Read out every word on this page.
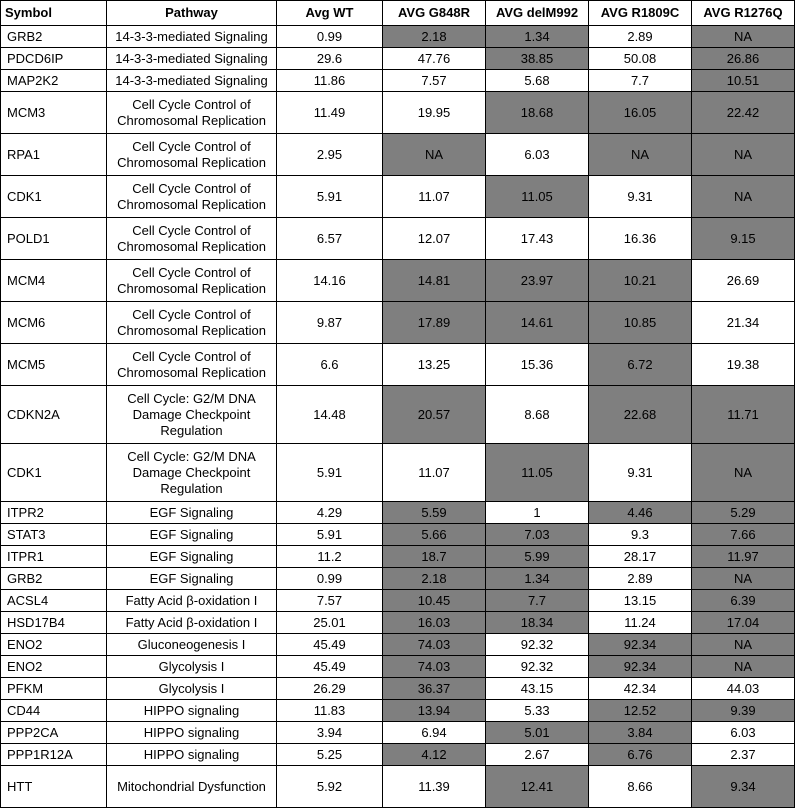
Symbol	Pathway	Avg WT	AVG G848R	AVG delM992	AVG R1809C	AVG R1276Q
GRB2	14-3-3-mediated Signaling	0.99	2.18	1.34	2.89	NA
PDCD6IP	14-3-3-mediated Signaling	29.6	47.76	38.85	50.08	26.86
MAP2K2	14-3-3-mediated Signaling	11.86	7.57	5.68	7.7	10.51
MCM3	Cell Cycle Control of Chromosomal Replication	11.49	19.95	18.68	16.05	22.42
RPA1	Cell Cycle Control of Chromosomal Replication	2.95	NA	6.03	NA	NA
CDK1	Cell Cycle Control of Chromosomal Replication	5.91	11.07	11.05	9.31	NA
POLD1	Cell Cycle Control of Chromosomal Replication	6.57	12.07	17.43	16.36	9.15
MCM4	Cell Cycle Control of Chromosomal Replication	14.16	14.81	23.97	10.21	26.69
MCM6	Cell Cycle Control of Chromosomal Replication	9.87	17.89	14.61	10.85	21.34
MCM5	Cell Cycle Control of Chromosomal Replication	6.6	13.25	15.36	6.72	19.38
CDKN2A	Cell Cycle: G2/M DNA Damage Checkpoint Regulation	14.48	20.57	8.68	22.68	11.71
CDK1	Cell Cycle: G2/M DNA Damage Checkpoint Regulation	5.91	11.07	11.05	9.31	NA
ITPR2	EGF Signaling	4.29	5.59	1	4.46	5.29
STAT3	EGF Signaling	5.91	5.66	7.03	9.3	7.66
ITPR1	EGF Signaling	11.2	18.7	5.99	28.17	11.97
GRB2	EGF Signaling	0.99	2.18	1.34	2.89	NA
ACSL4	Fatty Acid β-oxidation I	7.57	10.45	7.7	13.15	6.39
HSD17B4	Fatty Acid β-oxidation I	25.01	16.03	18.34	11.24	17.04
ENO2	Gluconeogenesis I	45.49	74.03	92.32	92.34	NA
ENO2	Glycolysis I	45.49	74.03	92.32	92.34	NA
PFKM	Glycolysis I	26.29	36.37	43.15	42.34	44.03
CD44	HIPPO signaling	11.83	13.94	5.33	12.52	9.39
PPP2CA	HIPPO signaling	3.94	6.94	5.01	3.84	6.03
PPP1R12A	HIPPO signaling	5.25	4.12	2.67	6.76	2.37
HTT	Mitochondrial Dysfunction	5.92	11.39	12.41	8.66	9.34
